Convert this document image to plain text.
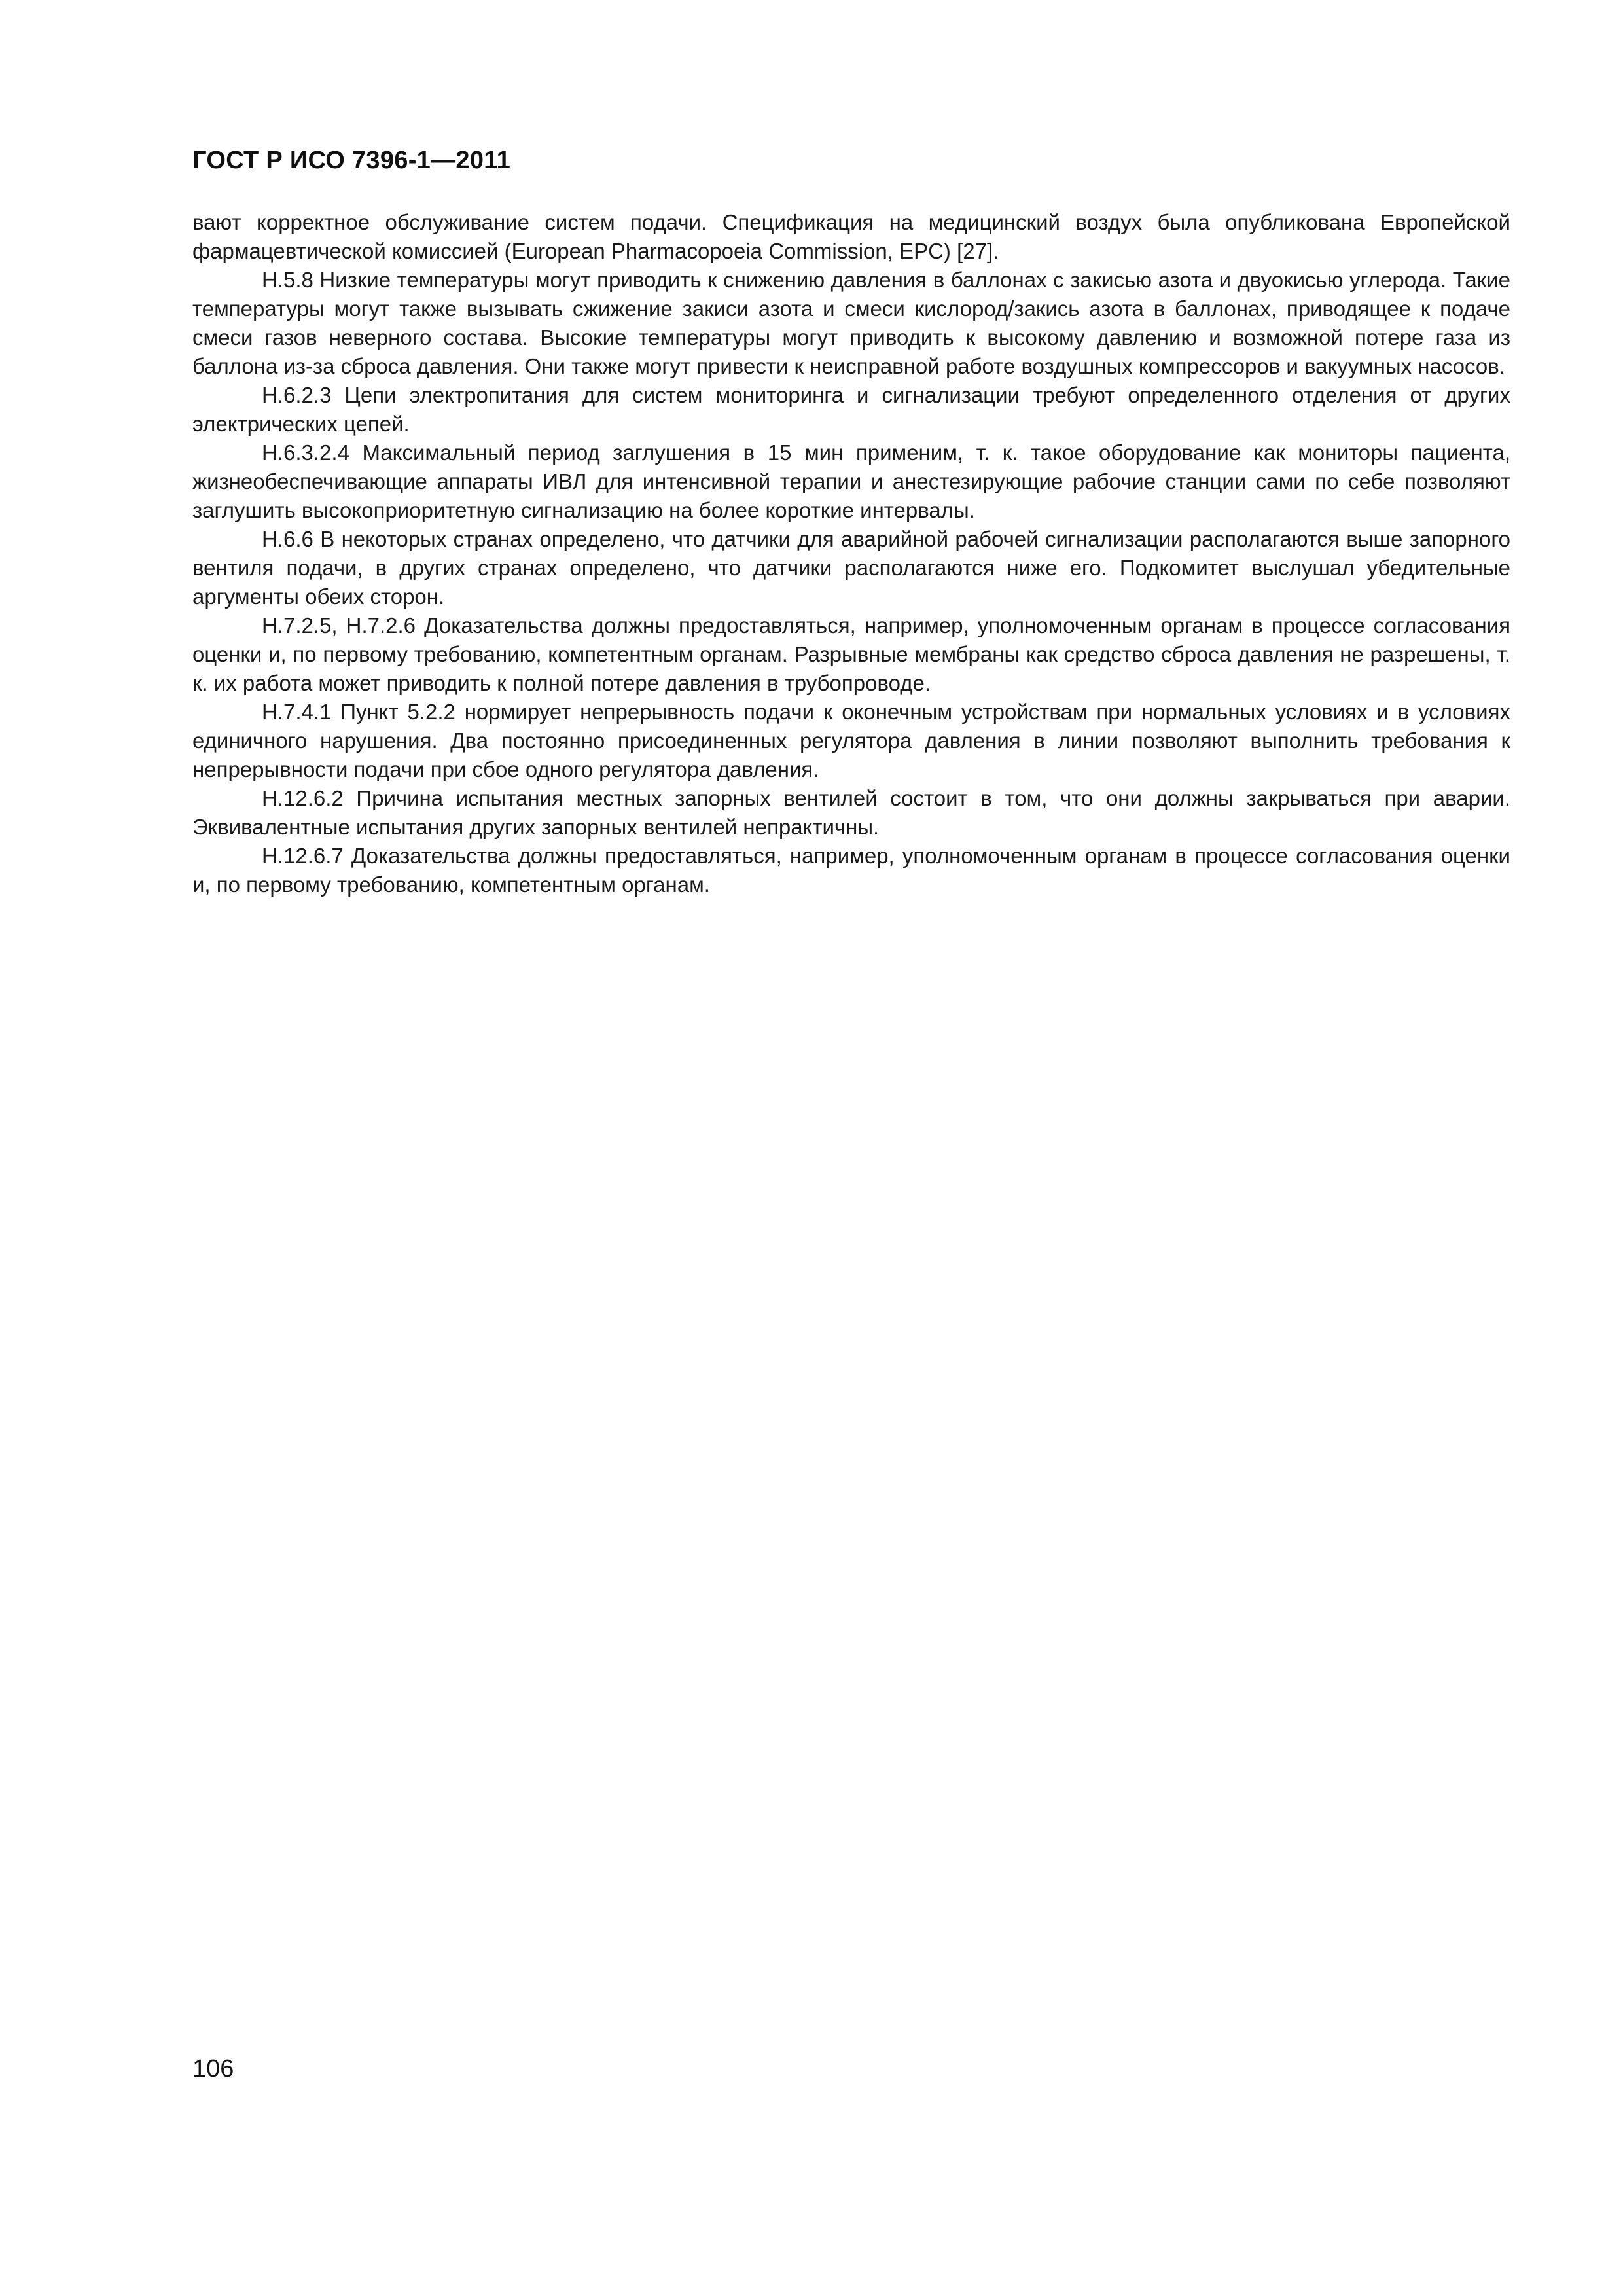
ГОСТ Р ИСО 7396-1—2011

вают корректное обслуживание систем подачи. Спецификация на медицинский воздух была опубликована Европейской фармацевтической комиссией (European Pharmacopoeia Commission, EPC) [27].

H.5.8 Низкие температуры могут приводить к снижению давления в баллонах с закисью азота и двуокисью углерода. Такие температуры могут также вызывать сжижение закиси азота и смеси кислород/закись азота в баллонах, приводящее к подаче смеси газов неверного состава. Высокие температуры могут приводить к высокому давлению и возможной потере газа из баллона из-за сброса давления. Они также могут привести к неисправной работе воздушных компрессоров и вакуумных насосов.

H.6.2.3 Цепи электропитания для систем мониторинга и сигнализации требуют определенного отделения от других электрических цепей.

H.6.3.2.4 Максимальный период заглушения в 15 мин применим, т. к. такое оборудование как мониторы пациента, жизнеобеспечивающие аппараты ИВЛ для интенсивной терапии и анестезирующие рабочие станции сами по себе позволяют заглушить высокоприоритетную сигнализацию на более короткие интервалы.

H.6.6 В некоторых странах определено, что датчики для аварийной рабочей сигнализации располагаются выше запорного вентиля подачи, в других странах определено, что датчики располагаются ниже его. Подкомитет выслушал убедительные аргументы обеих сторон.

H.7.2.5, H.7.2.6 Доказательства должны предоставляться, например, уполномоченным органам в процессе согласования оценки и, по первому требованию, компетентным органам. Разрывные мембраны как средство сброса давления не разрешены, т. к. их работа может приводить к полной потере давления в трубопроводе.

H.7.4.1 Пункт 5.2.2 нормирует непрерывность подачи к оконечным устройствам при нормальных условиях и в условиях единичного нарушения. Два постоянно присоединенных регулятора давления в линии позволяют выполнить требования к непрерывности подачи при сбое одного регулятора давления.

H.12.6.2 Причина испытания местных запорных вентилей состоит в том, что они должны закрываться при аварии. Эквивалентные испытания других запорных вентилей непрактичны.

H.12.6.7 Доказательства должны предоставляться, например, уполномоченным органам в процессе согласования оценки и, по первому требованию, компетентным органам.

106
